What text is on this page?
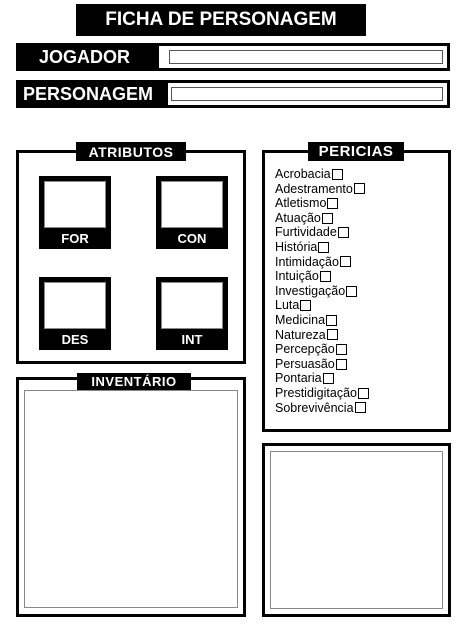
FICHA DE PERSONAGEM
JOGADOR
PERSONAGEM
ATRIBUTOS
FOR	CON
DES	INT
PERICIAS
Acrobacia
Adestramento
Atletismo
Atuação
Furtividade
História
Intimidação
Intuição
Investigação
Luta
Medicina
Natureza
Percepção
Persuasão
Pontaria
Prestidigitação
Sobrevivência
INVENTÁRIO
